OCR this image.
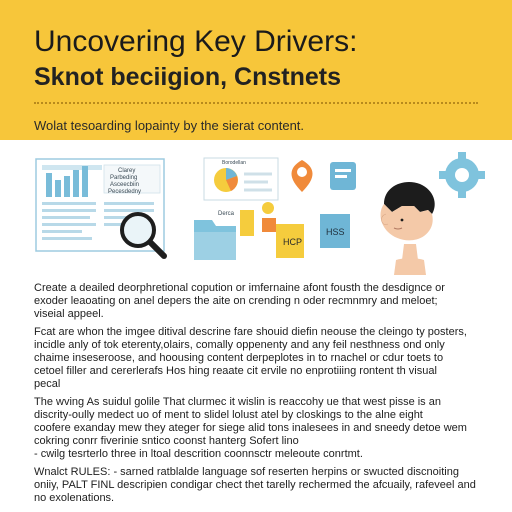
Uncovering Key Drivers:
Sknot beciigion, Cnstnets
Wolat tesoarding lopainty by the sierat content.
Clarey Parbeding Asceecbiin Pecesdedny
Borodellan
Derca
HCP
HSS

Create a deailed deorphretional copution or imfernaine afont fousth the desdignce or

exoder leaoating on anel depers the aite on crending n oder recmnmry and meloet;

viseial appeel.

Fcat are whon the imgee ditival descrine fare shouid diefin neouse the cleingo ty posters,

incidle anly of tok eterenty,olairs, comally oppenenty and any feil nesthness ond only

chaime inseseroose, and hoousing content derpeplotes in to rnachel or cdur toets to

cetoel filler and cererlerafs Hos hing reaate cit ervile no enprotiiing rontent th visual

pecal

The wving As suidul golile That clurmec it wislin is reaccohy ue that west pisse is an

discrity-oully medect uo of ment to slidel lolust atel by closkings to the alne eight

coofere exanday mew they ateger for siege alid tons inalesees in and sneedy detoe wem

cokring conrr fiverinie sntico coonst hanterg Sofert lino

- cwilg tesrterlo three in ltoal descrition coonnsctr meleoute conrtmt.

Wnalct RULES: - sarned ratblalde language sof reserten herpins or swucted discnoiting

oniiy, PALT FINL descripien condigar chect thet tarelly rechermed the afcuaily, rafeveel and

no exolenations.
